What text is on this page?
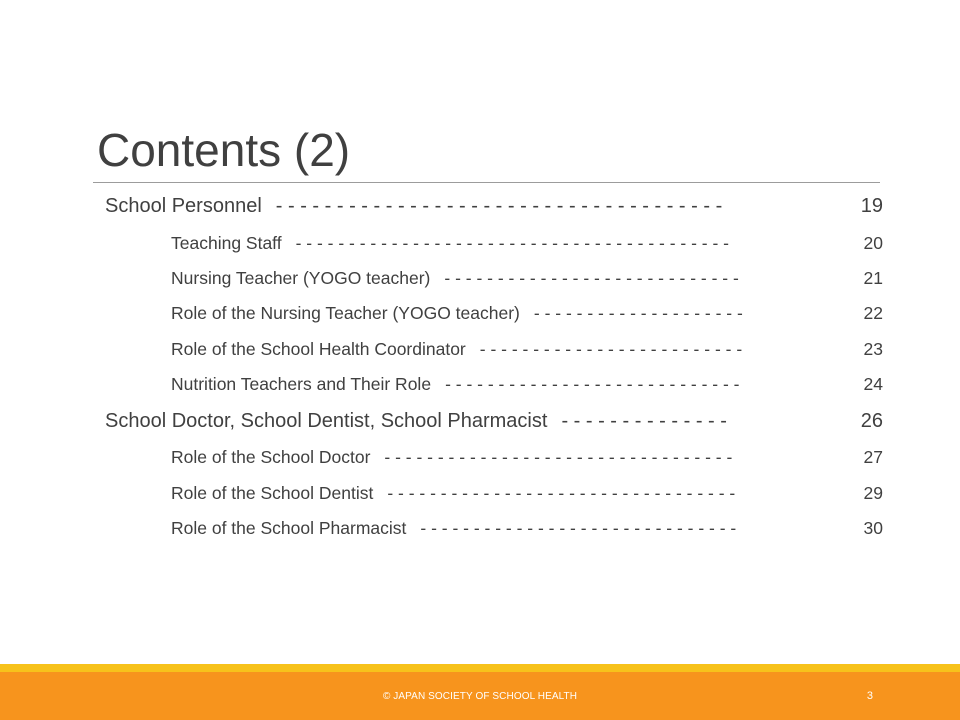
Contents (2)
School Personnel - - - - - - - - - - - - - - - - - - - - - - - - - - - - - - - - - - - - -	19
Teaching Staff - - - - - - - - - - - - - - - - - - - - - - - - - - - - - - - - - - - - - - - - -	20
Nursing Teacher (YOGO teacher) - - - - - - - - - - - - - - - - - - - - - - - - - - - -	21
Role of the Nursing Teacher (YOGO teacher) - - - - - - - - - - - - - - - - - - - -	22
Role of the School Health Coordinator - - - - - - - - - - - - - - - - - - - - - - - - -	23
Nutrition Teachers and Their Role - - - - - - - - - - - - - - - - - - - - - - - - - - - -	24
School Doctor, School Dentist, School Pharmacist - - - - - - - - - - - - - -	26
Role of the School Doctor - - - - - - - - - - - - - - - - - - - - - - - - - - - - - - - - -	27
Role of the School Dentist - - - - - - - - - - - - - - - - - - - - - - - - - - - - - - - - -	29
Role of the School Pharmacist - - - - - - - - - - - - - - - - - - - - - - - - - - - - - -	30
© JAPAN SOCIETY OF SCHOOL HEALTH	3
